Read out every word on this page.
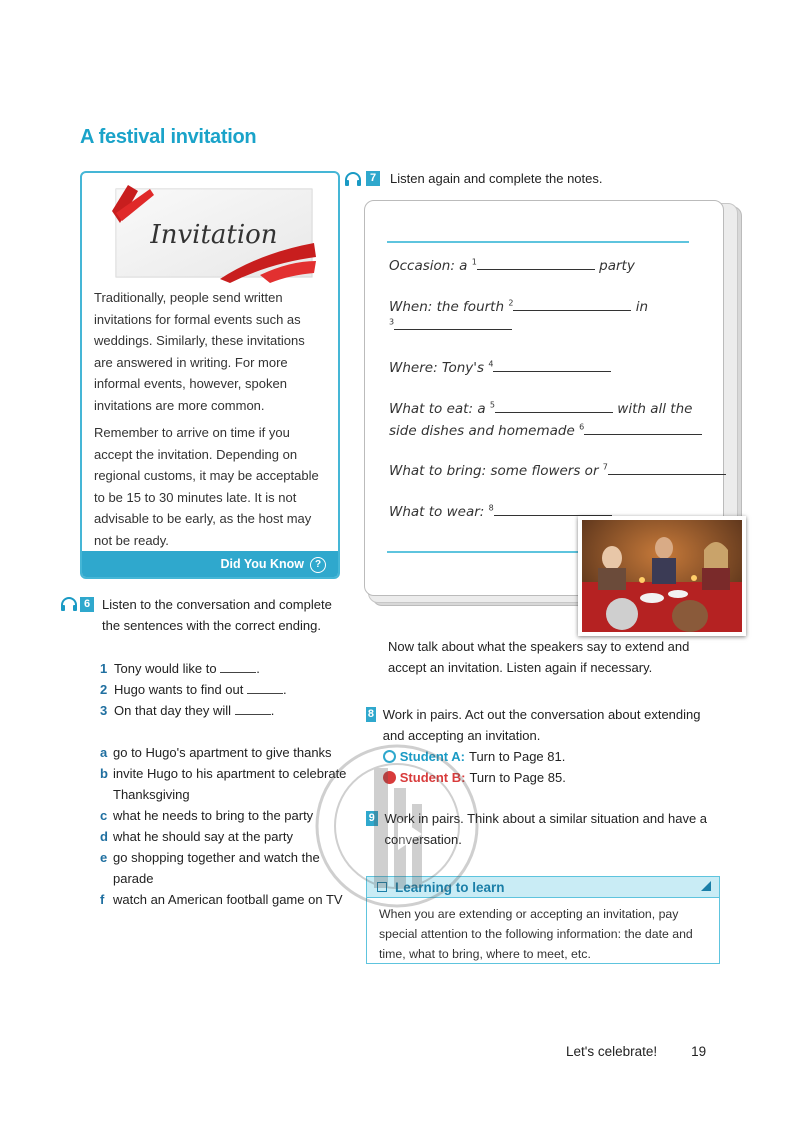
A festival invitation
Invitation

Traditionally, people send written invitations for formal events such as weddings. Similarly, these invitations are answered in writing. For more informal events, however, spoken invitations are more common.

Remember to arrive on time if you accept the invitation. Depending on regional customs, it may be acceptable to be 15 to 30 minutes late. It is not advisable to be early, as the host may not be ready.

Did You Know ?
6 Listen to the conversation and complete the sentences with the correct ending.
1 Tony would like to	.
2 Hugo wants to find out	.
3 On that day they will	.
a go to Hugo's apartment to give thanks
b invite Hugo to his apartment to celebrate Thanksgiving
c what he needs to bring to the party
d what he should say at the party
e go shopping together and watch the parade
f watch an American football game on TV
7	Listen again and complete the notes.
Occasion: a $^1$	party
When: the fourth $^2$	in
$^3$
Where: Tony's $^4$
What to eat: a $^5$	with all the
side dishes and homemade $^6$
What to bring: some flowers or $^7$
What to wear: $^8$
Now talk about what the speakers say to extend and accept an invitation. Listen again if necessary.
8 Work in pairs. Act out the conversation about extending and accepting an invitation.
Student A: Turn to Page 81.
Student B: Turn to Page 85.
9 Work in pairs. Think about a similar situation and have a conversation.
Learning to learn
When you are extending or accepting an invitation, pay special attention to the following information: the date and time, what to bring, where to meet, etc.
Let's celebrate!	19
